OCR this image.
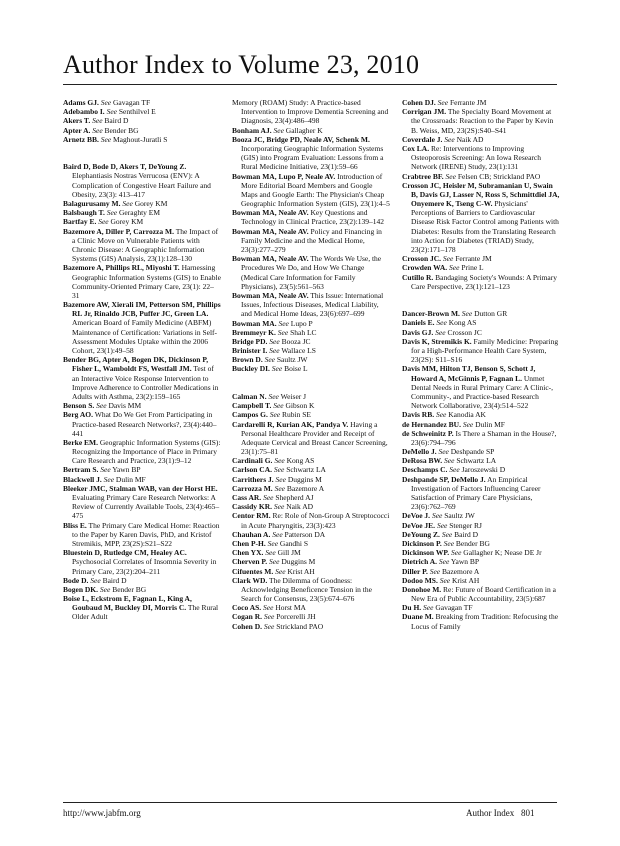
Author Index to Volume 23, 2010
Adams GJ. See Gavagan TF
Adebambo I. See Senthilvel E
Akers T. See Baird D
Apter A. See Bender BG
Arnetz BB. See Maghout-Juratli S
Baird D, Bode D, Akers T, DeYoung Z. Elephantiasis Nostras Verrucosa (ENV): A Complication of Congestive Heart Failure and Obesity, 23(3): 413–417
Balagurusamy M. See Gorey KM
Balsbaugh T. See Geraghty EM
Bartfay E. See Gorey KM
Bazemore A, Diller P, Carrozza M. The Impact of a Clinic Move on Vulnerable Patients with Chronic Disease: A Geographic Information Systems (GIS) Analysis, 23(1):128–130
Bazemore A, Phillips RL, Miyoshi T. Harnessing Geographic Information Systems (GIS) to Enable Community-Oriented Primary Care, 23(1): 22–31
Bazemore AW, Xierali IM, Petterson SM, Phillips RL Jr, Rinaldo JCB, Puffer JC, Green LA. American Board of Family Medicine (ABFM) Maintenance of Certification: Variations in Self-Assessment Modules Uptake within the 2006 Cohort, 23(1):49–58
Bender BG, Apter A, Bogen DK, Dickinson P, Fisher L, Wamboldt FS, Westfall JM. Test of an Interactive Voice Response Intervention to Improve Adherence to Controller Medications in Adults with Asthma, 23(2):159–165
Benson S. See Davis MM
Berg AO. What Do We Get From Participating in Practice-based Research Networks?, 23(4):440–441
Berke EM. Geographic Information Systems (GIS): Recognizing the Importance of Place in Primary Care Research and Practice, 23(1):9–12
Bertram S. See Yawn BP
Blackwell J. See Dulin MF
Bleeker JMC, Stalman WAB, van der Horst HE. Evaluating Primary Care Research Networks: A Review of Currently Available Tools, 23(4):465–475
Bliss E. The Primary Care Medical Home: Reaction to the Paper by Karen Davis, PhD, and Kristof Stremikis, MPP, 23(2S):S21–S22
Bluestein D, Rutledge CM, Healey AC. Psychosocial Correlates of Insomnia Severity in Primary Care, 23(2):204–211
Bode D. See Baird D
Bogen DK. See Bender BG
Boise L, Eckstrom E, Fagnan L, King A, Goubaud M, Buckley DI, Morris C. The Rural Older Adult
Memory (ROAM) Study: A Practice-based Intervention to Improve Dementia Screening and Diagnosis, 23(4):486–498
Bonham AJ. See Gallagher K
Booza JC, Bridge PD, Neale AV, Schenk M. Incorporating Geographic Information Systems (GIS) into Program Evaluation: Lessons from a Rural Medicine Initiative, 23(1):59–66
Bowman MA, Lupo P, Neale AV. Introduction of More Editorial Board Members and Google Maps and Google Earth: The Physician's Cheap Geographic Information System (GIS), 23(1):4–5
Bowman MA, Neale AV. Key Questions and Technology in Clinical Practice, 23(2):139–142
Bowman MA, Neale AV. Policy and Financing in Family Medicine and the Medical Home, 23(3):277–279
Bowman MA, Neale AV. The Words We Use, the Procedures We Do, and How We Change (Medical Care Information for Family Physicians), 23(5):561–563
Bowman MA, Neale AV. This Issue: International Issues, Infectious Diseases, Medical Liability, and Medical Home Ideas, 23(6):697–699
Bowman MA. See Lupo P
Bremmeyr K. See Shah LC
Bridge PD. See Booza JC
Brinister I. See Wallace LS
Brown D. See Saultz JW
Buckley DI. See Boise L
Calman N. See Weiser J
Campbell T. See Gibson K
Campos G. See Rubin SE
Cardarelli R, Kurian AK, Pandya V. Having a Personal Healthcare Provider and Receipt of Adequate Cervical and Breast Cancer Screening, 23(1):75–81
Cardinali G. See Kong AS
Carlson CA. See Schwartz LA
Carrithers J. See Duggins M
Carrozza M. See Bazemore A
Cass AR. See Shepherd AJ
Cassidy KR. See Naik AD
Centor RM. Re: Role of Non-Group A Streptococci in Acute Pharyngitis, 23(3):423
Chauhan A. See Patterson DA
Chen P-H. See Gandhi S
Chen YX. See Gill JM
Cherven P. See Duggins M
Cifuentes M. See Krist AH
Clark WD. The Dilemma of Goodness: Acknowledging Beneficence Tension in the Search for Consensus, 23(5):674–676
Coco AS. See Horst MA
Cogan R. See Porcerelli JH
Cohen D. See Strickland PAO
Cohen DJ. See Ferrante JM
Corrigan JM. The Specialty Board Movement at the Crossroads: Reaction to the Paper by Kevin B. Weiss, MD, 23(2S):S40–S41
Coverdale J. See Naik AD
Cox LA. Re: Interventions to Improving Osteoporosis Screening: An Iowa Research Network (IRENE) Study, 23(1):131
Crabtree BF. See Felsen CB; Strickland PAO
Crosson JC, Heisler M, Subramanian U, Swain B, Davis GJ, Lasser N, Ross S, Schmittdiel JA, Onyemere K, Tseng C-W. Physicians' Perceptions of Barriers to Cardiovascular Disease Risk Factor Control among Patients with Diabetes: Results from the Translating Research into Action for Diabetes (TRIAD) Study, 23(2):171–178
Crosson JC. See Ferrante JM
Crowden WA. See Prine L
Cutillo R. Bandaging Society's Wounds: A Primary Care Perspective, 23(1):121–123
Dancer-Brown M. See Dutton GR
Daniels E. See Kong AS
Davis GJ. See Crosson JC
Davis K, Stremikis K. Family Medicine: Preparing for a High-Performance Health Care System, 23(2S): S11–S16
Davis MM, Hilton TJ, Benson S, Schott J, Howard A, McGinnis P, Fagnan L. Unmet Dental Needs in Rural Primary Care: A Clinic-, Community-, and Practice-based Research Network Collaborative, 23(4):514–522
Davis RB. See Kanodia AK
de Hernandez BU. See Dulin MF
de Schweinitz P. Is There a Shaman in the House?, 23(6):794–796
DeMello J. See Deshpande SP
DeRosa BW. See Schwartz LA
Deschamps C. See Jaroszewski D
Deshpande SP, DeMello J. An Empirical Investigation of Factors Influencing Career Satisfaction of Primary Care Physicians, 23(6):762–769
DeVoe J. See Saultz JW
DeVoe JE. See Stenger RJ
DeYoung Z. See Baird D
Dickinson P. See Bender BG
Dickinson WP. See Gallagher K; Nease DE Jr
Dietrich A. See Yawn BP
Diller P. See Bazemore A
Dodoo MS. See Krist AH
Donohoe M. Re: Future of Board Certification in a New Era of Public Accountability, 23(5):687
Du H. See Gavagan TF
Duane M. Breaking from Tradition: Refocusing the Locus of Family
http://www.jabfm.org	Author Index 801
